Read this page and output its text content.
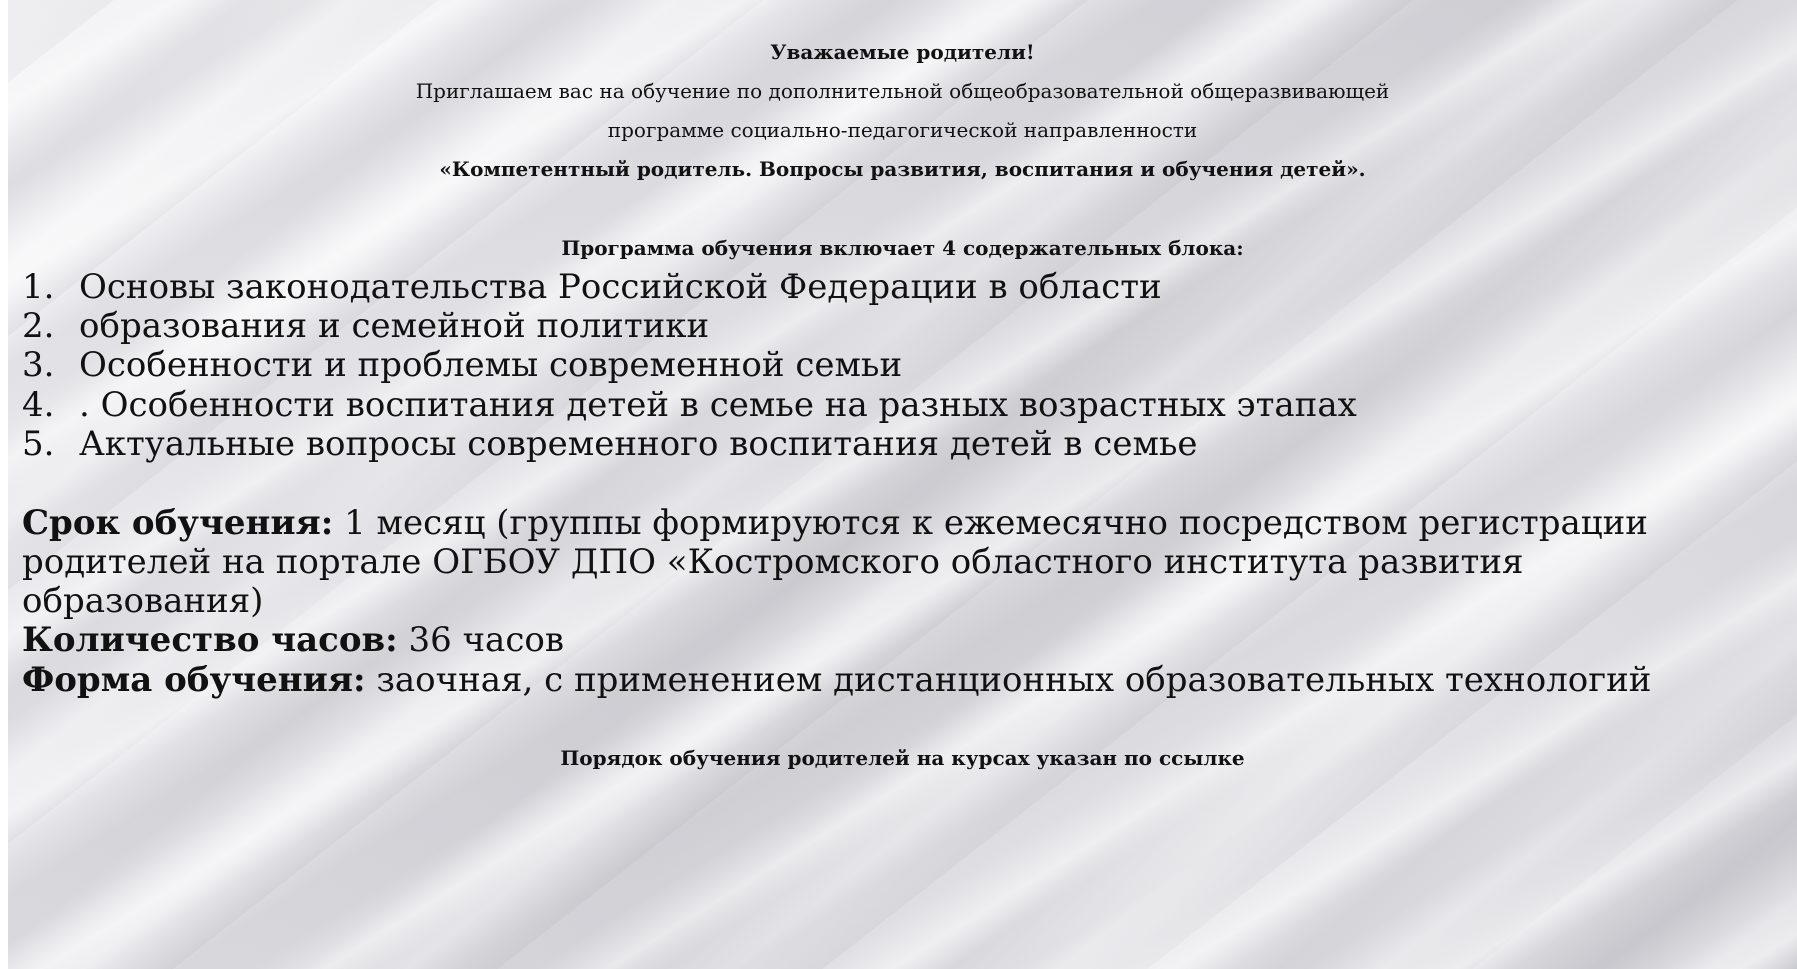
Уважаемые родители!
Приглашаем вас на обучение по дополнительной общеобразовательной общеразвивающей
программе социально-педагогической направленности
«Компетентный родитель. Вопросы развития, воспитания и обучения детей».
Программа обучения включает 4 содержательных блока:
1. Основы законодательства Российской Федерации в области
2. образования и семейной политики
3. Особенности и проблемы современной семьи
4. . Особенности воспитания детей в семье на разных возрастных этапах
5. Актуальные вопросы современного воспитания детей в семье
Срок обучения: 1 месяц (группы формируются к ежемесячно посредством регистрации
родителей на портале ОГБОУ ДПО «Костромского областного института развития
образования)
Количество часов: 36 часов
Форма обучения: заочная, с применением дистанционных образовательных технологий
Порядок обучения родителей на курсах указан по ссылке
